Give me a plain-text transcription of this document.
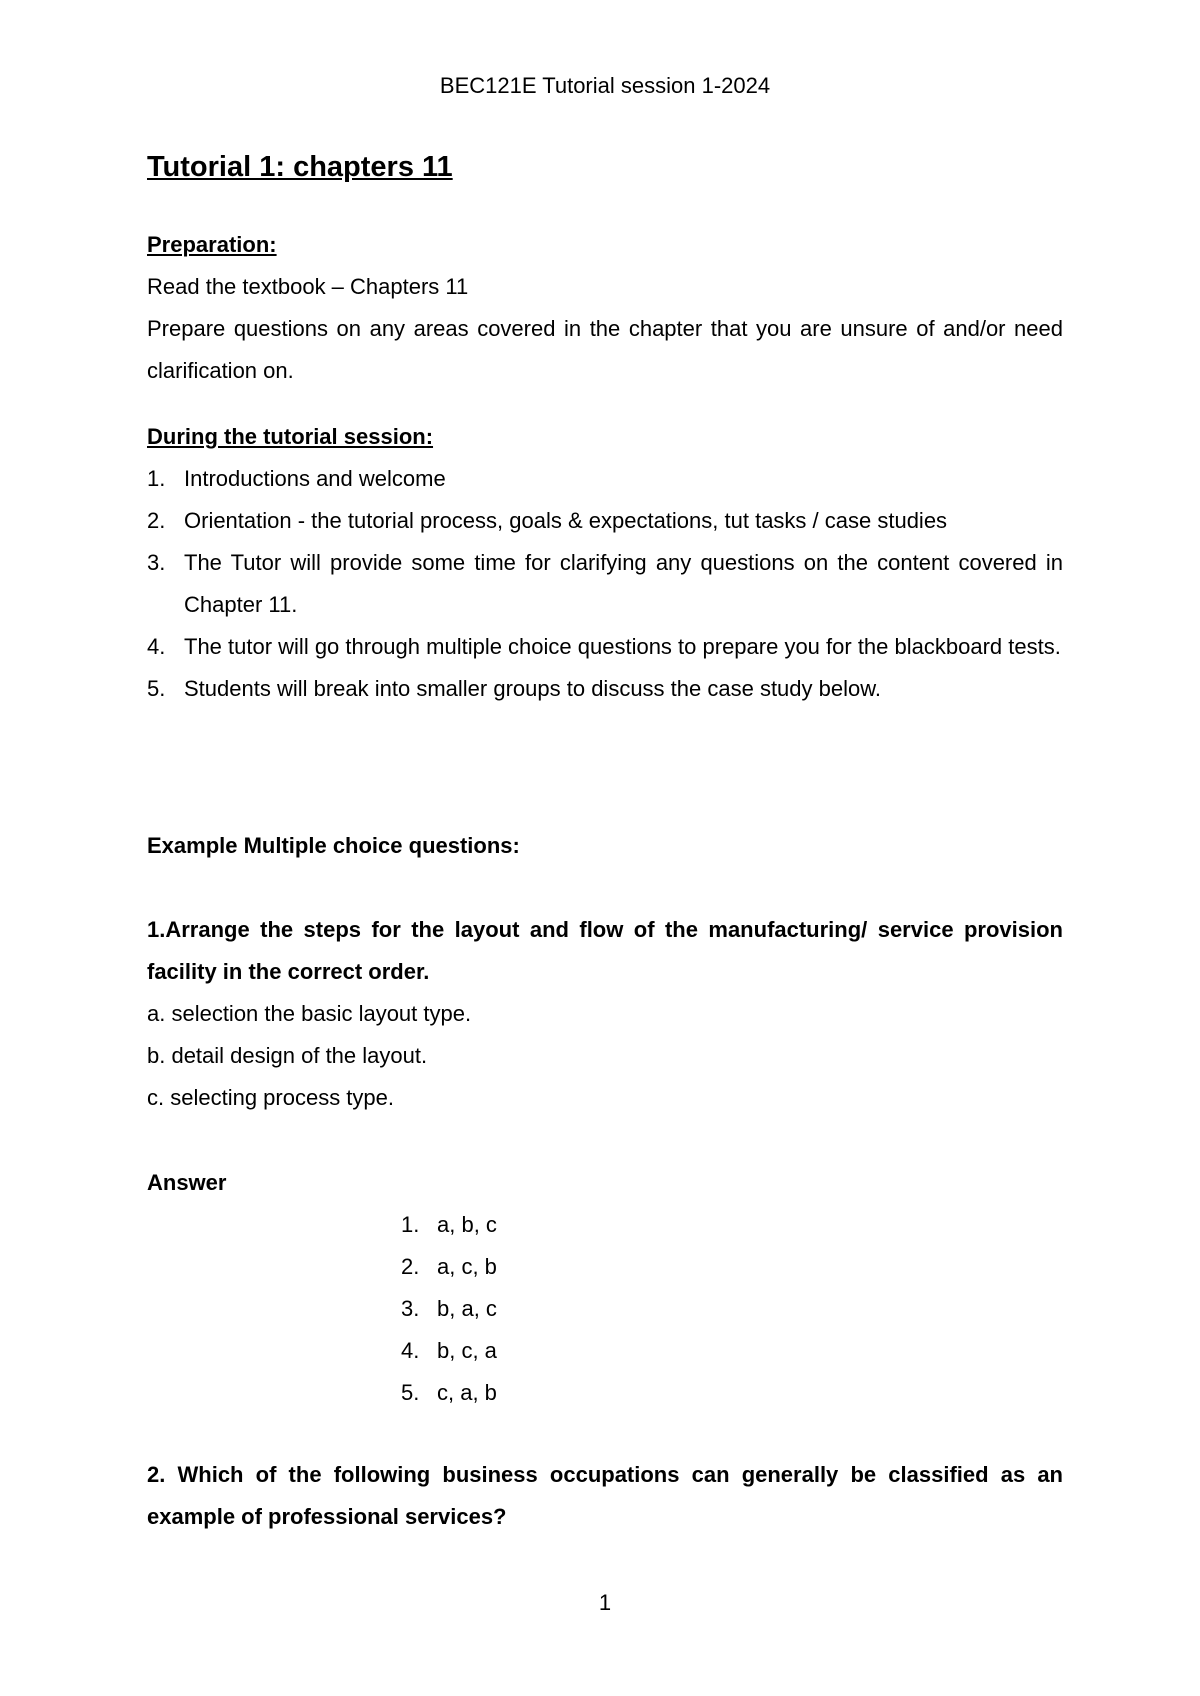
BEC121E Tutorial session 1-2024
Tutorial 1: chapters 11

Preparation:

Read the textbook – Chapters 11

Prepare questions on any areas covered in the chapter that you are unsure of and/or need clarification on.

During the tutorial session:

1. Introductions and welcome
2. Orientation - the tutorial process, goals & expectations, tut tasks / case studies
3. The Tutor will provide some time for clarifying any questions on the content covered in Chapter 11.
4. The tutor will go through multiple choice questions to prepare you for the blackboard tests.
5. Students will break into smaller groups to discuss the case study below.
Example Multiple choice questions:

1.Arrange the steps for the layout and flow of the manufacturing/ service provision facility in the correct order.

a. selection the basic layout type.

b. detail design of the layout.

c. selecting process type.

Answer
1. a, b, c
2. a, c, b
3. b, a, c
4. b, c, a
5. c, a, b
2. Which of the following business occupations can generally be classified as an example of professional services?
1
